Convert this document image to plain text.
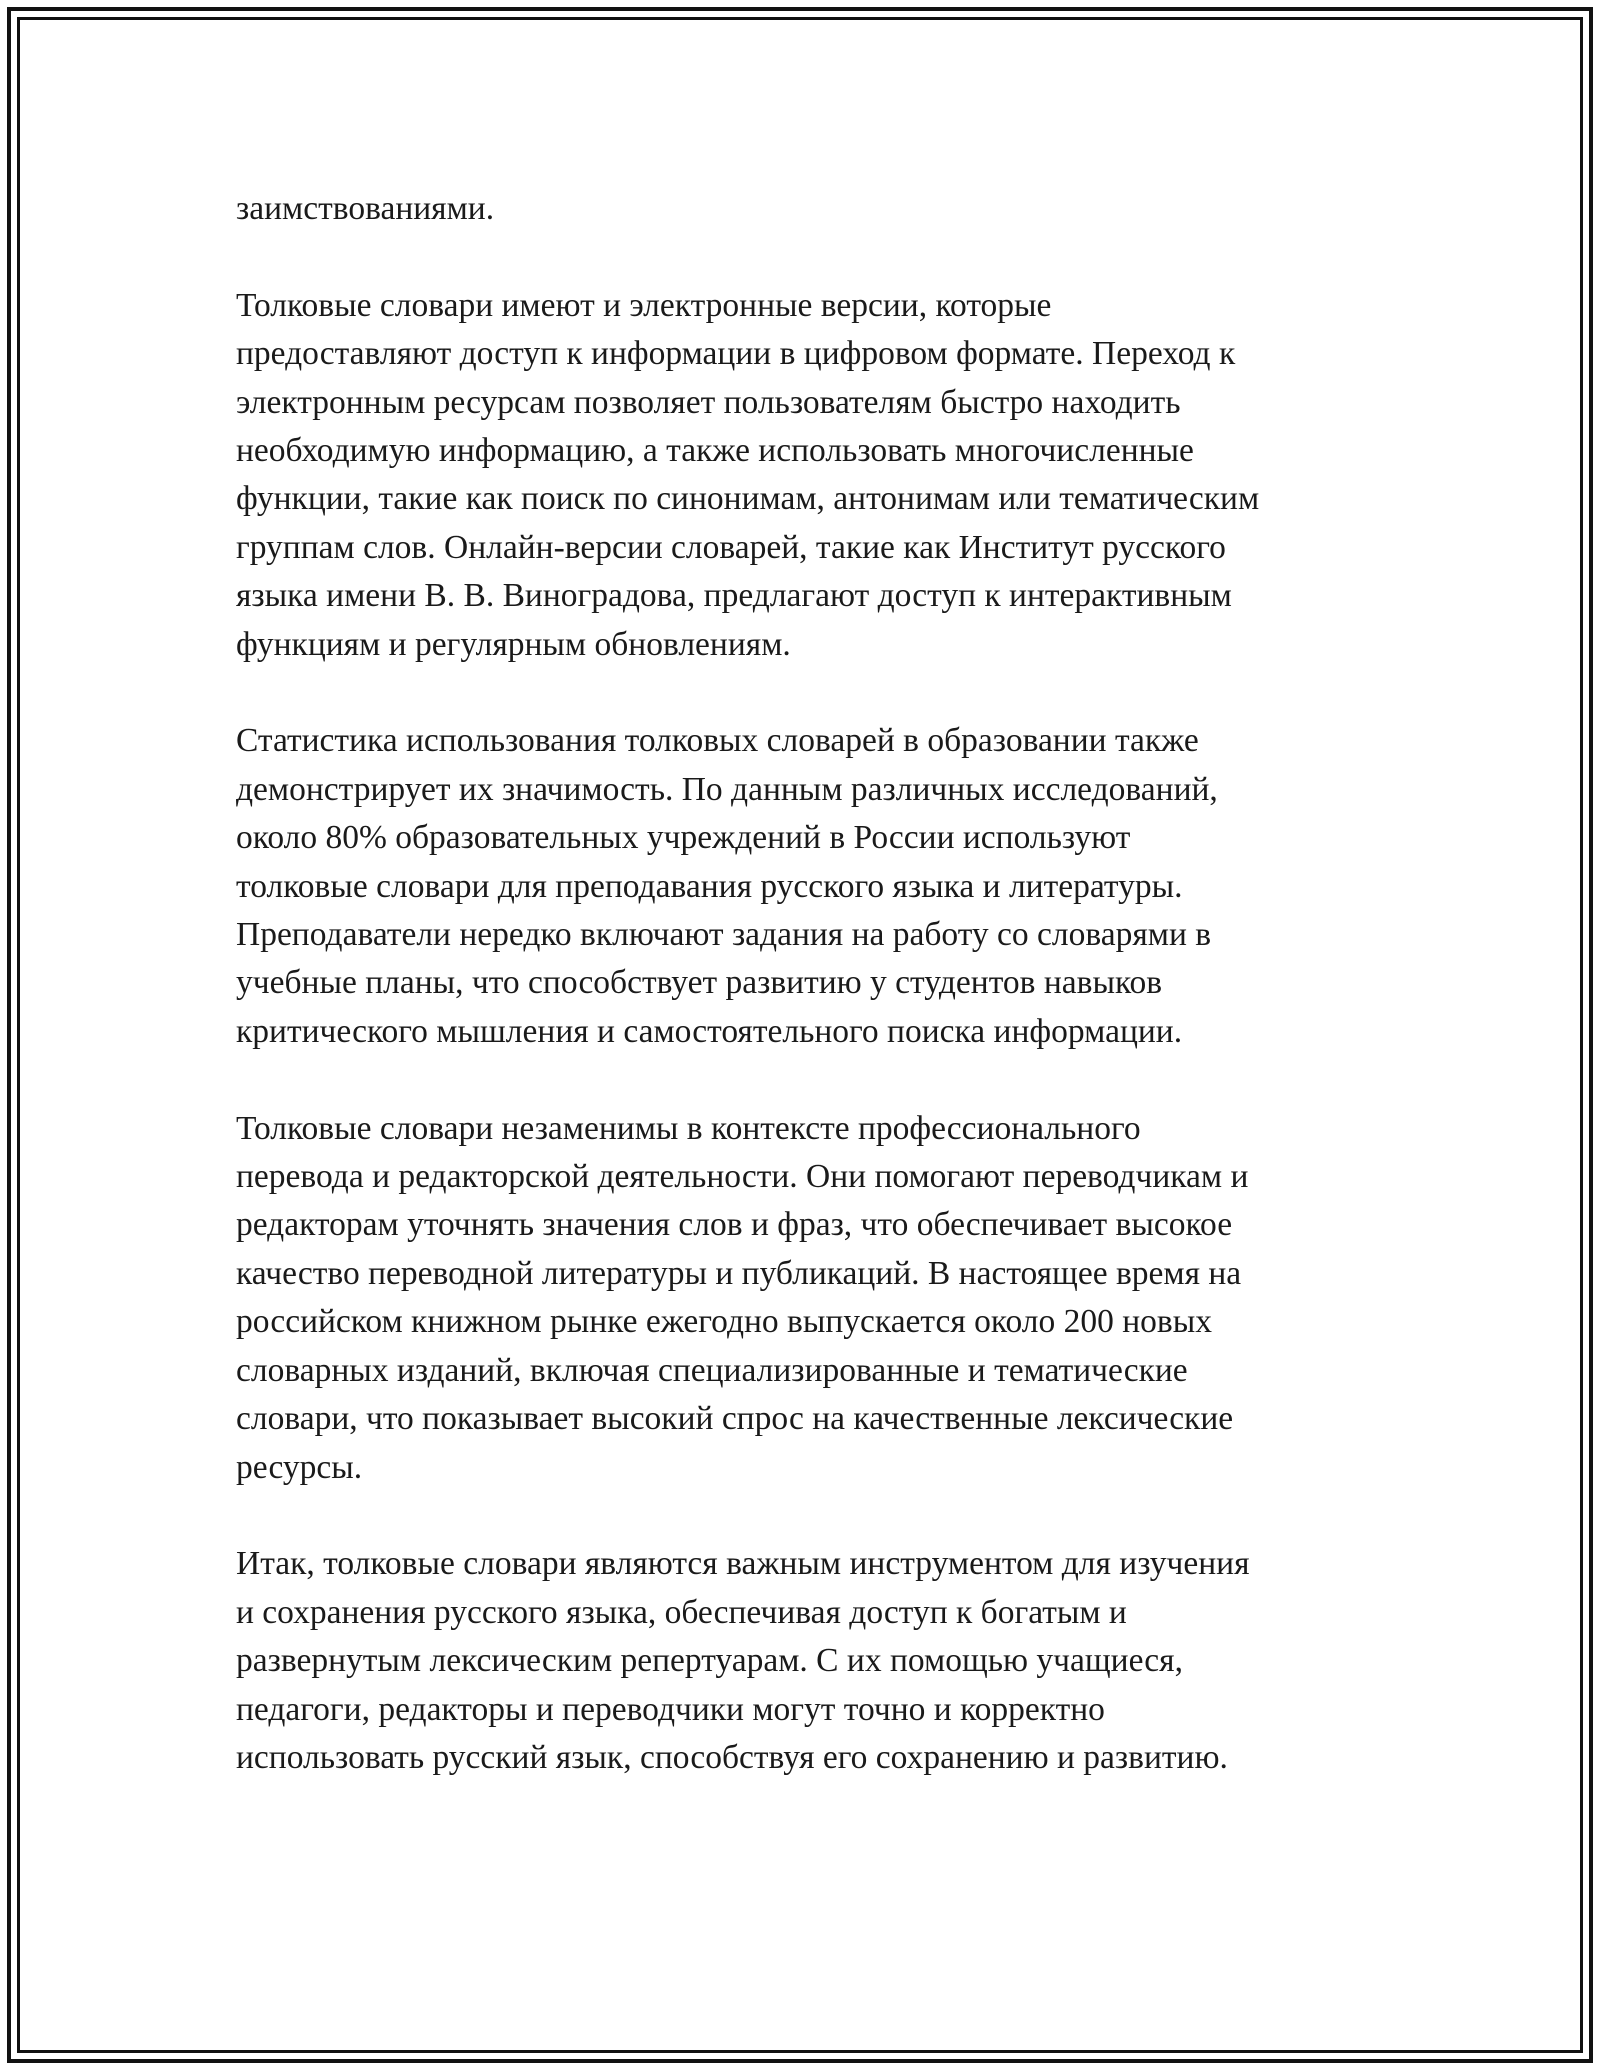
заимствованиями.

Толковые словари имеют и электронные версии, которые
предоставляют доступ к информации в цифровом формате. Переход к
электронным ресурсам позволяет пользователям быстро находить
необходимую информацию, а также использовать многочисленные
функции, такие как поиск по синонимам, антонимам или тематическим
группам слов. Онлайн-версии словарей, такие как Институт русского
языка имени В. В. Виноградова, предлагают доступ к интерактивным
функциям и регулярным обновлениям.

Статистика использования толковых словарей в образовании также
демонстрирует их значимость. По данным различных исследований,
около 80% образовательных учреждений в России используют
толковые словари для преподавания русского языка и литературы.
Преподаватели нередко включают задания на работу со словарями в
учебные планы, что способствует развитию у студентов навыков
критического мышления и самостоятельного поиска информации.

Толковые словари незаменимы в контексте профессионального
перевода и редакторской деятельности. Они помогают переводчикам и
редакторам уточнять значения слов и фраз, что обеспечивает высокое
качество переводной литературы и публикаций. В настоящее время на
российском книжном рынке ежегодно выпускается около 200 новых
словарных изданий, включая специализированные и тематические
словари, что показывает высокий спрос на качественные лексические
ресурсы.

Итак, толковые словари являются важным инструментом для изучения
и сохранения русского языка, обеспечивая доступ к богатым и
развернутым лексическим репертуарам. С их помощью учащиеся,
педагоги, редакторы и переводчики могут точно и корректно
использовать русский язык, способствуя его сохранению и развитию.
